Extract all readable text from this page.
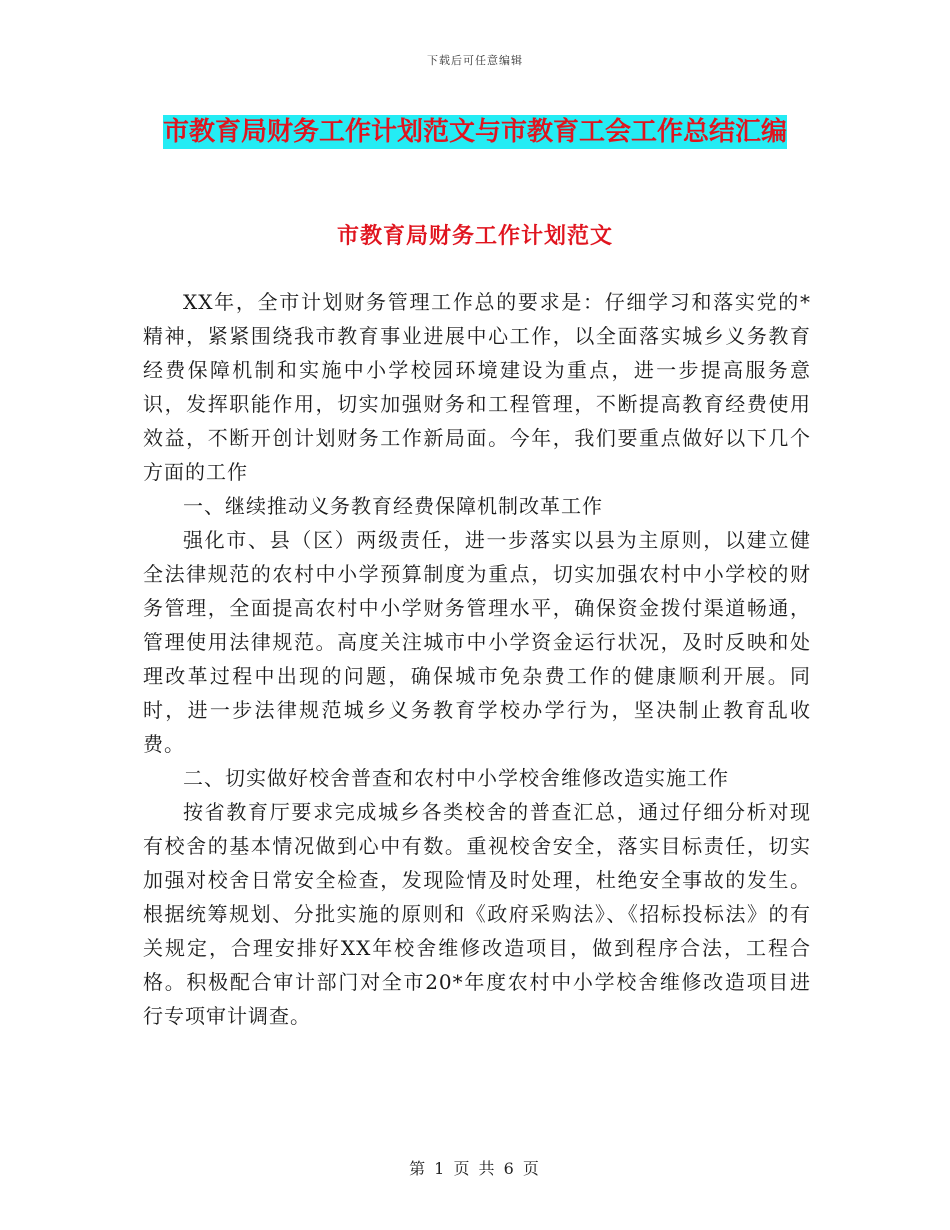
下载后可任意编辑
市教育局财务工作计划范文与市教育工会工作总结汇编
市教育局财务工作计划范文

XX年，全市计划财务管理工作总的要求是：仔细学习和落实党的*精神，紧紧围绕我市教育事业进展中心工作，以全面落实城乡义务教育经费保障机制和实施中小学校园环境建设为重点，进一步提高服务意识，发挥职能作用，切实加强财务和工程管理，不断提高教育经费使用效益，不断开创计划财务工作新局面。今年，我们要重点做好以下几个方面的工作

一、继续推动义务教育经费保障机制改革工作

强化市、县（区）两级责任，进一步落实以县为主原则，以建立健全法律规范的农村中小学预算制度为重点，切实加强农村中小学校的财务管理，全面提高农村中小学财务管理水平，确保资金拨付渠道畅通，管理使用法律规范。高度关注城市中小学资金运行状况，及时反映和处理改革过程中出现的问题，确保城市免杂费工作的健康顺利开展。同时，进一步法律规范城乡义务教育学校办学行为，坚决制止教育乱收费。

二、切实做好校舍普查和农村中小学校舍维修改造实施工作

按省教育厅要求完成城乡各类校舍的普查汇总，通过仔细分析对现有校舍的基本情况做到心中有数。重视校舍安全，落实目标责任，切实加强对校舍日常安全检查，发现险情及时处理，杜绝安全事故的发生。根据统筹规划、分批实施的原则和《政府采购法》、《招标投标法》的有关规定，合理安排好XX年校舍维修改造项目，做到程序合法，工程合格。积极配合审计部门对全市20*年度农村中小学校舍维修改造项目进行专项审计调查。

第 1 页 共 6 页
